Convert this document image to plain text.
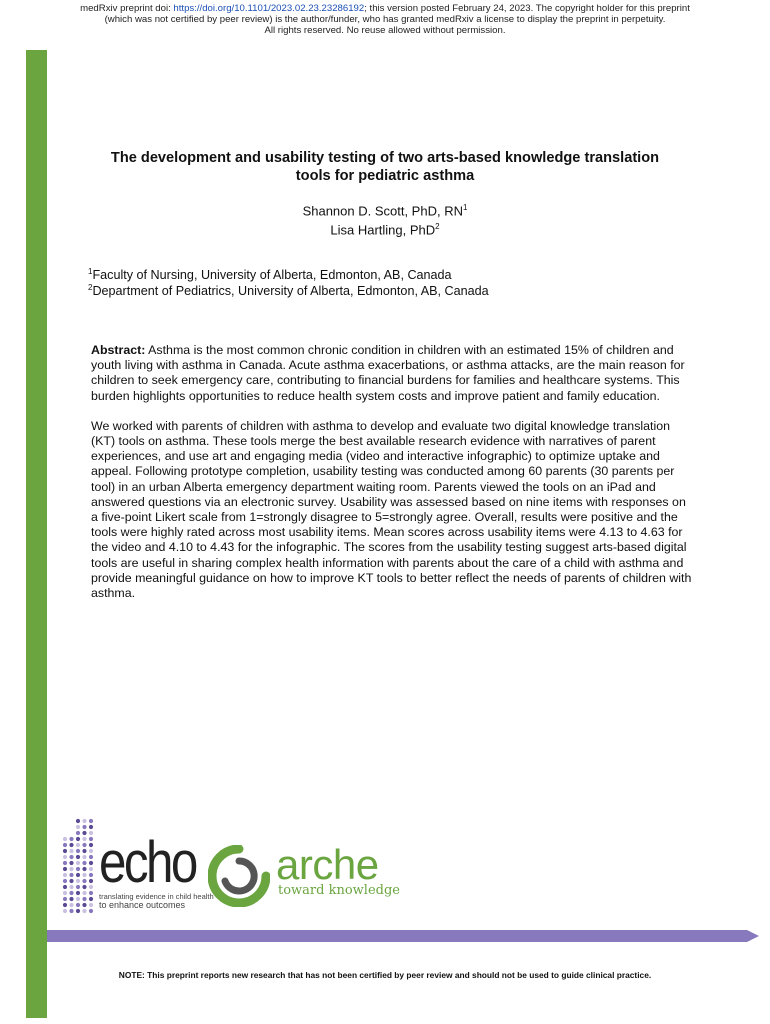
medRxiv preprint doi: https://doi.org/10.1101/2023.02.23.23286192; this version posted February 24, 2023. The copyright holder for this preprint
(which was not certified by peer review) is the author/funder, who has granted medRxiv a license to display the preprint in perpetuity.
All rights reserved. No reuse allowed without permission.
The development and usability testing of two arts-based knowledge translation
tools for pediatric asthma
Shannon D. Scott, PhD, $RN^1$
Lisa Hartling, PhD$^2$
$^1$Faculty of Nursing, University of Alberta, Edmonton, AB, Canada
$^2$Department of Pediatrics, University of Alberta, Edmonton, AB, Canada

Abstract: Asthma is the most common chronic condition in children with an estimated 15% of children and youth living with asthma in Canada. Acute asthma exacerbations, or asthma attacks, are the main reason for children to seek emergency care, contributing to financial burdens for families and healthcare systems. This burden highlights opportunities to reduce health system costs and improve patient and family education.

We worked with parents of children with asthma to develop and evaluate two digital knowledge translation (KT) tools on asthma. These tools merge the best available research evidence with narratives of parent experiences, and use art and engaging media (video and interactive infographic) to optimize uptake and appeal. Following prototype completion, usability testing was conducted among 60 parents (30 parents per tool) in an urban Alberta emergency department waiting room. Parents viewed the tools on an iPad and answered questions via an electronic survey. Usability was assessed based on nine items with responses on a five-point Likert scale from 1=strongly disagree to 5=strongly agree. Overall, results were positive and the tools were highly rated across most usability items. Mean scores across usability items were 4.13 to 4.63 for the video and 4.10 to 4.43 for the infographic. The scores from the usability testing suggest arts-based digital tools are useful in sharing complex health information with parents about the care of a child with asthma and provide meaningful guidance on how to improve KT tools to better reflect the needs of parents of children with asthma.

echo
translating evidence in child health
to enhance outcomes
arche
toward knowledge
NOTE: This preprint reports new research that has not been certified by peer review and should not be used to guide clinical practice.
